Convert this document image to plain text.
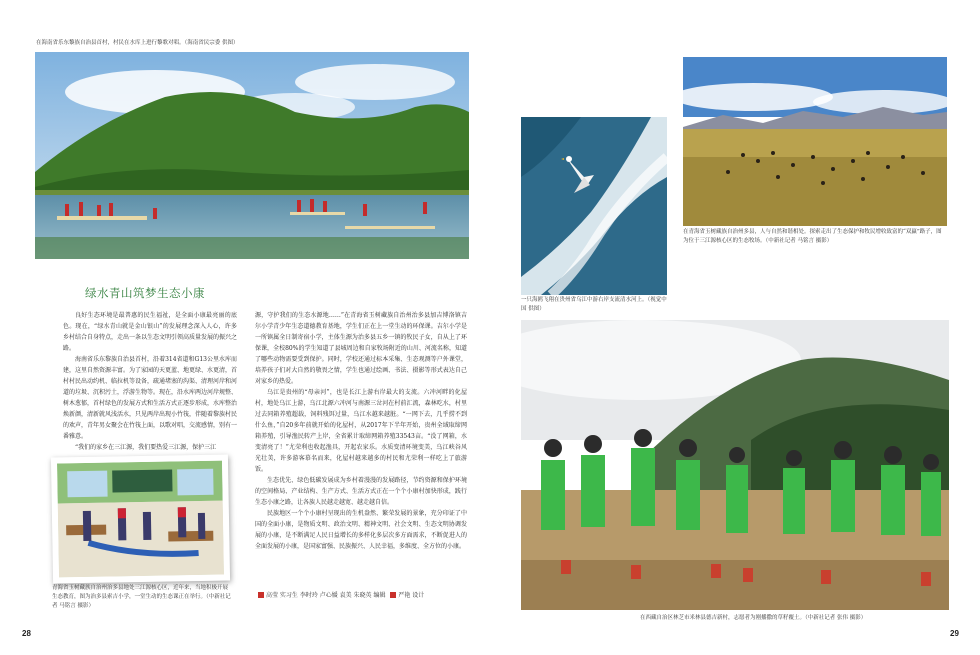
在海南省乐东黎族自治县首村，村民在水库上进行黎歌对唱。（海南省民宗委 供图）
绿水青山筑梦生态小康

良好生态环境是最普惠的民生福祉，是全面小康最亮丽的底色。现在，“绿水青山就是金山银山”的发展理念深入人心，许多乡村结合自身特点，走出一条以生态文明引领高质量发展的振兴之路。

海南省乐东黎族自治县首村，沿着314省道和G13公里水库而建，这里自然资源丰富。为了家园的天更蓝、地更绿、水更清，首村村民出动约机、临拉机等设备，疏通堵塞的沟渠、清理河岸和河道的垃圾、沉积污土，浮游生物等。现在，沿水库两边河岸规整、树木葱郁，首村绿色的发展方式和生活方式正逐步形成，水库整治焕新颜，清新就风浅活水，只见两岸出现小竹筏，伴随着黎族村民的欢声，青年男女聚会在竹筏上面，以歌对唱，交流感情，别有一番雅意。

“我们的家乡在三江源，我们要热爱三江源，保护三江

青海省玉树藏族自治州治多县地处三江源核心区，近年来，当地积极开展生态教育，图为治多县索吉小学，一堂生动的生态课正在举行。（中新社记者 马铭言 摄影）

源，守护我们的生态水源地……”在青海省玉树藏族自治州治多县加吉博洛镇吉尔小学青少年生态道德教育基地，学生们正在上一堂生动的环保课。吉尔小学是一所镇属全日制寄宿小学，主体生源为治多县五乡一镇的牧民子女，自从上了环保课，全校80%的学生知道了县城周边和自家牧场附近的山川、河流名称，知道了哪些动物需要受到保护。同时，学校还通过标本采集、生态观测等户外课堂，培养孩子们对大自然的敬畏之情，学生也通过绘画、书法、摄影等形式表达自己对家乡的热爱。

乌江是贵州的“母亲河”，也是长江上游右岸最大的支流。六冲河畔的化屋村，地处乌江上游，乌江北源六冲河与南源三岔河在村前汇流，森林吃水，村里过去同箱养殖超载，饲料残饵过量，乌江水越来越脏。“一网下去，几乎捞不到什么鱼，”自20多年前就开始的化屋村，从2017年下半年开始，贵州全域取缔网箱养殖，引导渔民转产上岸，全省累计取缔网箱养殖33543亩。“没了网箱，水变清亮了！”尤荣利也收起渔具，开起农家乐。水质变清环境变美，乌江峡谷风光壮美，许多游客慕名而来，化屋村越来越多的村民和尤荣利一样吃上了旅游饭。

生态优先、绿色低碳发展成为乡村着漫漫的发展路径，节约资源和保护环境的空间格局、产业结构、生产方式、生活方式正在一个个小康村加快形成，践行生态小康之路，让各族人民越走越宽、越走越自信。

民族地区一个个小康村呈现出的生机盎然、繁荣发展的景象，充分印证了中国的全面小康，是物质文明、政治文明、精神文明、社会文明、生态文明协调发展的小康，是不断满足人民日益增长的多样化多层次多方面需求，不断促进人的全面发展的小康，是国家富强、民族振兴、人民幸福，多维度、全方位的小康。

高莹 实习生 李时玲 卢心媛 袁美 朱晓英 编辑 严艳 设计
28
一只海鸥飞翔在贵州省乌江中游右岸支流清水河上。（视觉中国 供图）
在青海省玉树藏族自治州多县，人与自然和谐相处。探索走出了生态保护和牧民增收致富的“双赢”路子，图为位于三江源核心区的生态牧场。（中新社记者 马铭言 摄影）
在西藏自治区林芝市米林县德吉新村，志愿者为刚播撒的草籽覆土。（中新社记者 张伟 摄影）
29
